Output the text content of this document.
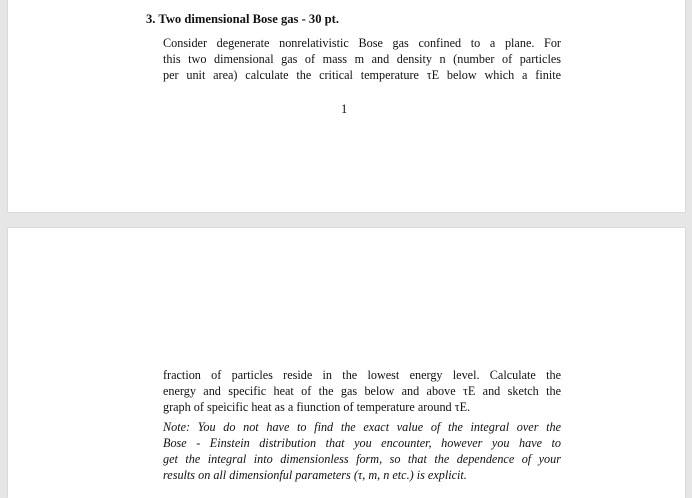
3. Two dimensional Bose gas - 30 pt.
Consider degenerate nonrelativistic Bose gas confined to a plane. For
this two dimensional gas of mass m and density n (number of particles
per unit area) calculate the critical temperature τE below which a finite
1
fraction of particles reside in the lowest energy level. Calculate the
energy and specific heat of the gas below and above τE and sketch the
graph of speicific heat as a fiunction of temperature around τE.
Note: You do not have to find the exact value of the integral over the
Bose - Einstein distribution that you encounter, however you have to
get the integral into dimensionless form, so that the dependence of your
results on all dimensionful parameters (τ, m, n etc.) is explicit.
